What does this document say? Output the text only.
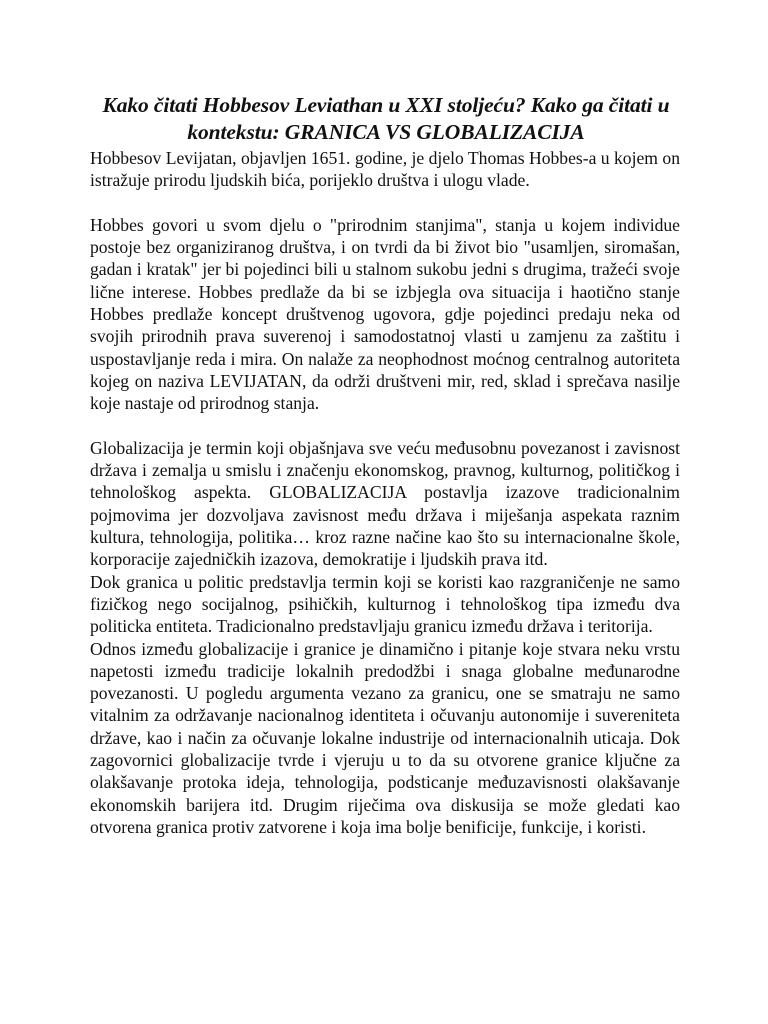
Kako čitati Hobbesov Leviathan u XXI stoljeću? Kako ga čitati u kontekstu: GRANICA VS GLOBALIZACIJA

Hobbesov Levijatan, objavljen 1651. godine, je djelo Thomas Hobbes-a u kojem on istražuje prirodu ljudskih bića, porijeklo društva i ulogu vlade.

Hobbes govori u svom djelu o "prirodnim stanjima", stanja u kojem individue postoje bez organiziranog društva, i on tvrdi da bi život bio "usamljen, siromašan, gadan i kratak" jer bi pojedinci bili u stalnom sukobu jedni s drugima, tražeći svoje lične interese. Hobbes predlaže da bi se izbjegla ova situacija i haotično stanje Hobbes predlaže koncept društvenog ugovora, gdje pojedinci predaju neka od svojih prirodnih prava suverenoj i samodostatnoj vlasti u zamjenu za zaštitu i uspostavljanje reda i mira. On nalaže za neophodnost moćnog centralnog autoriteta kojeg on naziva LEVIJATAN, da održi društveni mir, red, sklad i sprečava nasilje koje nastaje od prirodnog stanja.

Globalizacija je termin koji objašnjava sve veću međusobnu povezanost i zavisnost država i zemalja u smislu i značenju ekonomskog, pravnog, kulturnog, političkog i tehnološkog aspekta. GLOBALIZACIJA postavlja izazove tradicionalnim pojmovima jer dozvoljava zavisnost među država i miješanja aspekata raznim kultura, tehnologija, politika… kroz razne načine kao što su internacionalne škole, korporacije zajedničkih izazova, demokratije i ljudskih prava itd.

Dok granica u politic predstavlja termin koji se koristi kao razgraničenje ne samo fizičkog nego socijalnog, psihičkih, kulturnog i tehnološkog tipa između dva politicka entiteta. Tradicionalno predstavljaju granicu između država i teritorija.

Odnos između globalizacije i granice je dinamično i pitanje koje stvara neku vrstu napetosti između tradicije lokalnih predodžbi i snaga globalne međunarodne povezanosti. U pogledu argumenta vezano za granicu, one se smatraju ne samo vitalnim za održavanje nacionalnog identiteta i očuvanju autonomije i suvereniteta države, kao i način za očuvanje lokalne industrije od internacionalnih uticaja. Dok zagovornici globalizacije tvrde i vjeruju u to da su otvorene granice ključne za olakšavanje protoka ideja, tehnologija, podsticanje međuzavisnosti olakšavanje ekonomskih barijera itd. Drugim riječima ova diskusija se može gledati kao otvorena granica protiv zatvorene i koja ima bolje benificije, funkcije, i koristi.
